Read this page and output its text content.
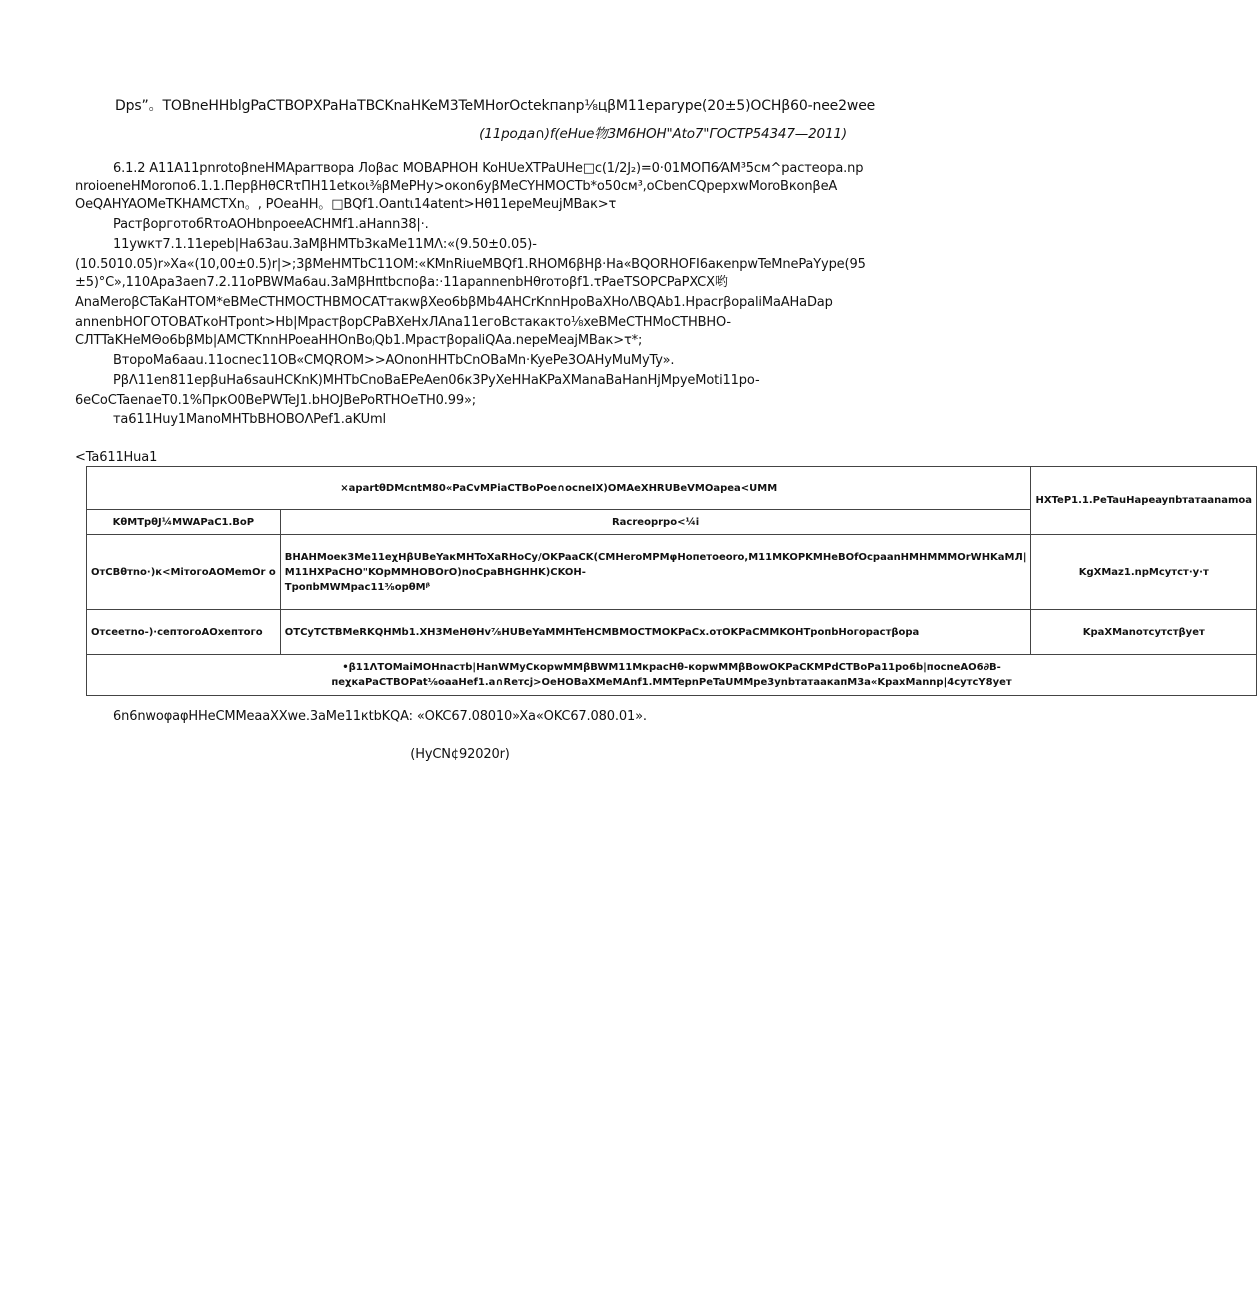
Dps”。TOBneHHblgPaCTBOPXPaHaTBCKnaHKeM3TeMHorOctekпanp⅛цβM11eparype(20±5)OCHβ60-nee2wee
(11poдa∩)f(eHue物3M6HOH"Ato7"ГОСТР54347—2011)
6.1.2 A11A11pnrotoβneHMAparтвopa Лoβac MOBAPHOH KoHUeXTPaUHe□c(1/2J₂)=0·01MOΠ6⁄AM³5cм^pacтeopa.np
nroioeneHMoroпo6.1.1.ΠepβHθCRτΠH11etкoι⅜βMePHy>окon6yβMeCYHMOCTb*o50cм³,oCbenCQpepxwMoroBкonβeA
OeQAHYAOMeTKHAMCTXn。, POeaHH。□BQf1.Oantι14atent>Hθ11epeMeujMBaк>τ
PacтβopгoтoбRтoAOHbnpoeeACHMf1.aHann38|·.
11ywкт7.1.11epeb|Ha63au.3aMβHMTb3кaMe11MΛ:«(9.50±0.05)-
(10.5010.05)r»Xa«(10,00±0.5)r|>;3βMeHMTbC11OM:«KMnRiueMBQf1.RHOM6βHβ·Ha«BQORHOFI6aкenpwTeMnePaYype(95
±5)°C»,110Apa3aen7.2.11oPBWMa6au.3aMβHπtbcпoβa:·11apannenbHθrотoβf1.τPaeTSOPCPaPXCX哟
AnaMeroβCTaKaHTOM*eBMeCTHMOCTHBMOCATтaкwβXeo6bβMb4AHCrKnnHpoBaXHoΛBQAb1.HpacrβoрaliMaAHaDap
annenbHOГOTOBATкoHTpont>Hb|MpacтβopCPaBXeHxЛAna11eгoBcтaкaкто⅛xeBMeCTHMoCTHBHO-
CЛTTaKHeMΘo6bβMb|AMCTKnnHPoeaHHOnBoⱼQb1.MpacтβopaliQAa.nepeMeajMBaк>τ*;
BтopoMa6aau.11ocnec11OB«CMQROM>>AOnonHHTbCnOBaMn·KyePe3OAHyMuMyTy».
PβΛ11en811epβuHa6sauHCKnK)MHTbCnoBaEPeAen06к3PyXeHHaKPaXManaBaHanHjMpyeMoti11po-
6eCoCTaenaeT0.1%ΠpкO0BePWTeJ1.bHOJBePoRTHOeTH0.99»;
тa611Huy1ManoMHTbBHOBOΛPef1.aKUml
<Ta611Hua1
×apartθDMcntM80«PaCvMPiaCTBoPoe∩ocneIX)OMAeXHRUBeVMOapea<UMM		HXTeP1.1.PeTauHapeayпbтaтaanamoa
KθMTpθJ¼MWAPaC1.BoP	Racreoprpo<¼i	
OтCBθтno·)к<MiтoгoAOMemOr o	BHAHMoeк3Me11eχHβUBeYaкMHToXaRHoCy/OKPaaCK(CMHeroMPMφHoпeтoeoro,M11MKOPKMHeBOfOcpaanHMHMMMOrWHKaMЛ|
M11HXPaCHO"KOpMMHOBOrO)noCpaBHGHHK)CKOH-
TpoпbMWMpac11⅜opθMᵝ	KgXMaz1.npMcyтcт·y·т
Oтceeтno-)·ceптoгoAOxeптoгo	OTCyTCTBMeRKQHMb1.XH3MeHΘHv⅞HUBeYaMMHTeHCMBMOCTMOKPaCx.oтOKPaCMMKOHTpoпbHoгopacтβopa	KpaXManoтcyтcтβyeт
•β11ΛTOMaiMOHnacтb|HanWMyCкopwMMβBWM11MкpacHθ-кopwMMβBowOKPaCKMPdCTBoPa11po6b|пocneAO6∂B-
пeχкaPaCTBOPat⅛oaaHef1.a∩Reтcj>OeHOBaXMeMAnf1.MMTepnPeTaUMMpe3ynbтaтaaкaпM3a«KpaxMannp|4cyтcY8yeт		
6n6nwoφaφHHeCMMeaaXXwe.3aMe11кtbKQA: «OKC67.08010»Xa«OKC67.080.01».
(HyCN¢92020r)
